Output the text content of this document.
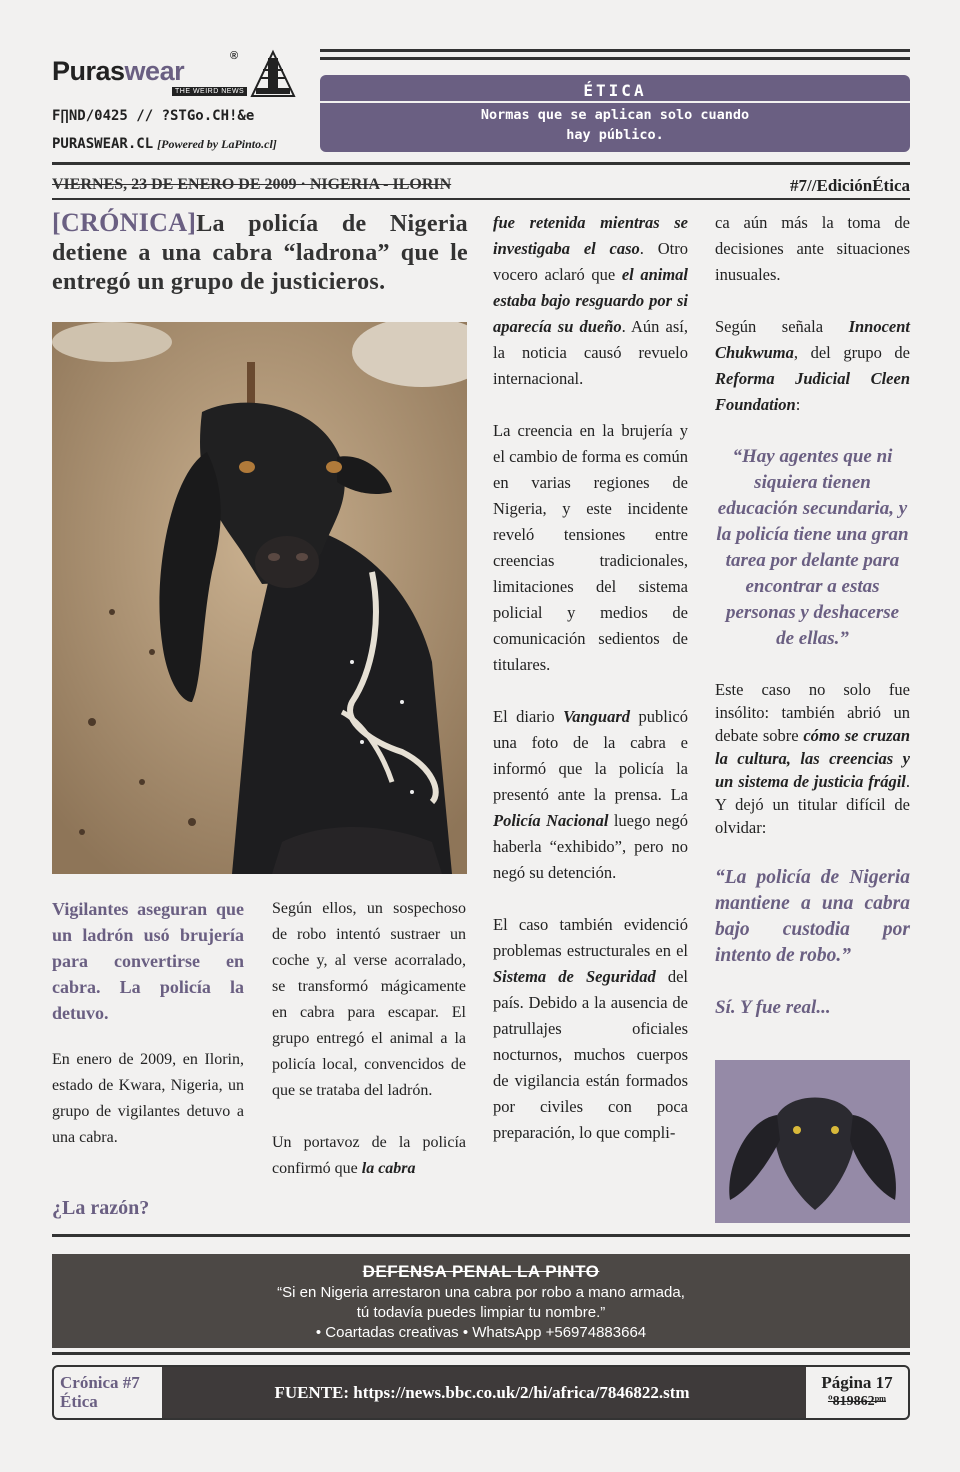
Puraswear	®
THE WEIRD NEWS
F∏ND/0425 // ?STGo.CH!&e
PURASWEAR.CL [Powered by LaPinto.cl]
ÉTICA
Normas que se aplican solo cuando hay público.
VIERNES, 23 DE ENERO DE 2009 · NIGERIA - ILORIN	#7//EdiciónÉtica
[CRÓNICA]La policía de Nigeria detiene a una cabra “ladrona” que le entregó un grupo de justicieros.
Vigilantes aseguran que un ladrón usó brujería para convertirse en cabra. La policía la detuvo.
En enero de 2009, en Ilorin, estado de Kwara, Nigeria, un grupo de vigilantes detuvo a una cabra.
¿La razón?

Según ellos, un sospechoso de robo intentó sustraer un coche y, al verse acorralado, se transformó mágicamente en cabra para escapar. El grupo entregó el animal a la policía local, convencidos de que se trataba del ladrón.

Un portavoz de la policía confirmó que la cabra

fue retenida mientras se investigaba el caso. Otro vocero aclaró que el animal estaba bajo resguardo por si aparecía su dueño. Aún así, la noticia causó revuelo internacional.

La creencia en la brujería y el cambio de forma es común en varias regiones de Nigeria, y este incidente reveló tensiones entre creencias tradicionales, limitaciones del sistema policial y medios de comunicación sedientos de titulares.

El diario Vanguard publicó una foto de la cabra e informó que la policía la presentó ante la prensa. La Policía Nacional luego negó haberla “exhibido”, pero no negó su detención.

El caso también evidenció problemas estructurales en el Sistema de Seguridad del país. Debido a la ausencia de patrullajes oficiales nocturnos, muchos cuerpos de vigilancia están formados por civiles con poca preparación, lo que compli-

ca aún más la toma de decisiones ante situaciones inusuales.

Según señala Innocent Chukwuma, del grupo de Reforma Judicial Cleen Foundation:

“Hay agentes que ni siquiera tienen educación secundaria, y la policía tiene una gran tarea por delante para encontrar a estas personas y deshacerse de ellas.”

Este caso no solo fue insólito: también abrió un debate sobre cómo se cruzan la cultura, las creencias y un sistema de justicia frágil. Y dejó un titular difícil de olvidar:

“La policía de Nigeria mantiene a una cabra bajo custodia por intento de robo.”
Sí. Y fue real...
DEFENSA PENAL LA PINTO
“Si en Nigeria arrestaron una cabra por robo a mano armada,
tú todavía puedes limpiar tu nombre.”
• Coartadas creativas • WhatsApp +56974883664
Crónica #7
Ética	FUENTE: https://news.bbc.co.uk/2/hi/africa/7846822.stm
Página 17
º819862ᵖᵐ
